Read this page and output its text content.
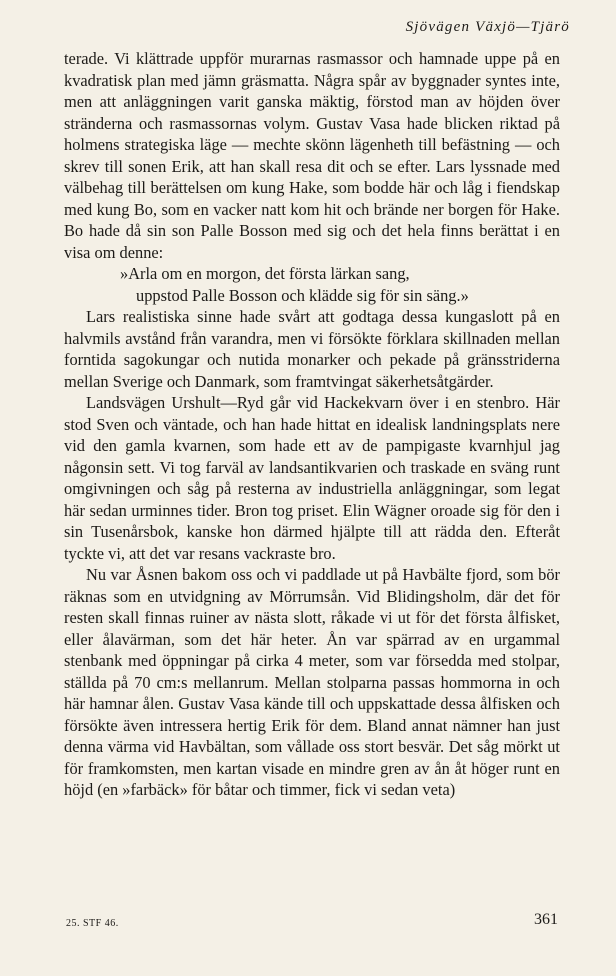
Sjövägen Växjö—Tjärö

terade. Vi klättrade uppför murarnas rasmassor och hamnade uppe på en kvadratisk plan med jämn gräsmatta. Några spår av byggnader syntes inte, men att anläggningen varit ganska mäktig, förstod man av höjden över stränderna och rasmassornas volym. Gustav Vasa hade blicken riktad på holmens strategiska läge — mechte skönn lägenheth till befästning — och skrev till sonen Erik, att han skall resa dit och se efter. Lars lyssnade med välbehag till berättelsen om kung Hake, som bodde här och låg i fiendskap med kung Bo, som en vacker natt kom hit och brände ner borgen för Hake. Bo hade då sin son Palle Bosson med sig och det hela finns berättat i en visa om denne:

»Arla om en morgon, det första lärkan sang,

uppstod Palle Bosson och klädde sig för sin säng.»

Lars realistiska sinne hade svårt att godtaga dessa kungaslott på en halvmils avstånd från varandra, men vi försökte förklara skillnaden mellan forntida sagokungar och nutida monarker och pekade på gränsstriderna mellan Sverige och Danmark, som framtvingat säkerhetsåtgärder.

Landsvägen Urshult—Ryd går vid Hackekvarn över i en stenbro. Här stod Sven och väntade, och han hade hittat en idealisk landningsplats nere vid den gamla kvarnen, som hade ett av de pampigaste kvarnhjul jag någonsin sett. Vi tog farväl av landsantikvarien och traskade en sväng runt omgivningen och såg på resterna av industriella anläggningar, som legat här sedan urminnes tider. Bron tog priset. Elin Wägner oroade sig för den i sin Tusenårsbok, kanske hon därmed hjälpte till att rädda den. Efteråt tyckte vi, att det var resans vackraste bro.

Nu var Åsnen bakom oss och vi paddlade ut på Havbälte fjord, som bör räknas som en utvidgning av Mörrumsån. Vid Blidingsholm, där det för resten skall finnas ruiner av nästa slott, råkade vi ut för det första ålfisket, eller ålavärman, som det här heter. Ån var spärrad av en urgammal stenbank med öppningar på cirka 4 meter, som var försedda med stolpar, ställda på 70 cm:s mellanrum. Mellan stolparna passas hommorna in och här hamnar ålen. Gustav Vasa kände till och uppskattade dessa ålfisken och försökte även intressera hertig Erik för dem. Bland annat nämner han just denna värma vid Havbältan, som vållade oss stort besvär. Det såg mörkt ut för framkomsten, men kartan visade en mindre gren av ån åt höger runt en höjd (en »farbäck» för båtar och timmer, fick vi sedan veta)

25. STF 46.	361
